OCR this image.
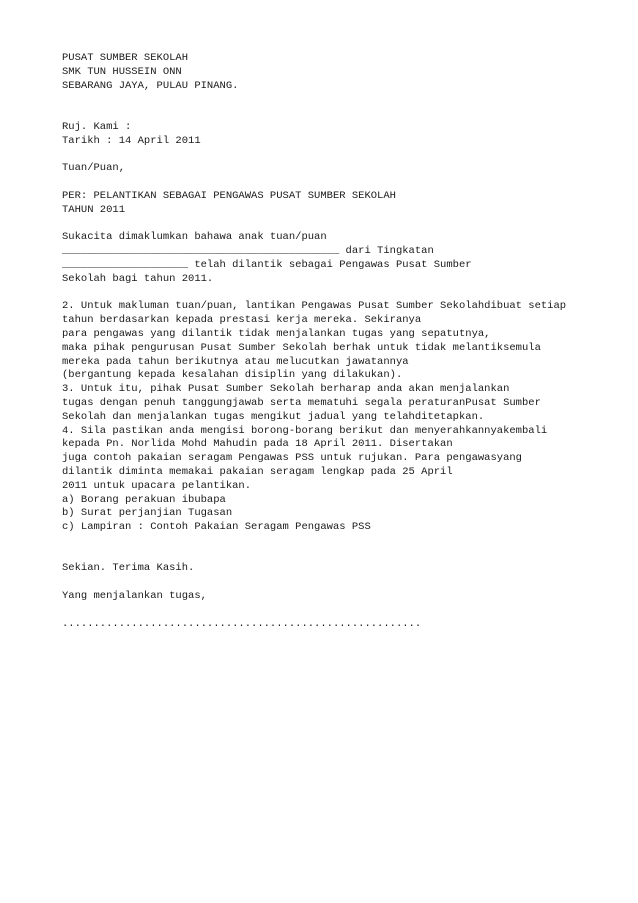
PUSAT SUMBER SEKOLAH
SMK TUN HUSSEIN ONN
SEBARANG JAYA, PULAU PINANG.
Ruj. Kami :
Tarikh : 14 April 2011
Tuan/Puan,
PER: PELANTIKAN SEBAGAI PENGAWAS PUSAT SUMBER SEKOLAH
TAHUN 2011
Sukacita dimaklumkan bahawa anak tuan/puan
____________________________________________ dari Tingkatan
____________________ telah dilantik sebagai Pengawas Pusat Sumber
Sekolah bagi tahun 2011.
2. Untuk makluman tuan/puan, lantikan Pengawas Pusat Sumber Sekolahdibuat setiap
tahun berdasarkan kepada prestasi kerja mereka. Sekiranya
para pengawas yang dilantik tidak menjalankan tugas yang sepatutnya,
maka pihak pengurusan Pusat Sumber Sekolah berhak untuk tidak melantiksemula
mereka pada tahun berikutnya atau melucutkan jawatannya
(bergantung kepada kesalahan disiplin yang dilakukan).
3. Untuk itu, pihak Pusat Sumber Sekolah berharap anda akan menjalankan
tugas dengan penuh tanggungjawab serta mematuhi segala peraturanPusat Sumber
Sekolah dan menjalankan tugas mengikut jadual yang telahditetapkan.
4. Sila pastikan anda mengisi borong-borang berikut dan menyerahkannyakembali
kepada Pn. Norlida Mohd Mahudin pada 18 April 2011. Disertakan
juga contoh pakaian seragam Pengawas PSS untuk rujukan. Para pengawasyang
dilantik diminta memakai pakaian seragam lengkap pada 25 April
2011 untuk upacara pelantikan.
a) Borang perakuan ibubapa
b) Surat perjanjian Tugasan
c) Lampiran : Contoh Pakaian Seragam Pengawas PSS
Sekian. Terima Kasih.
Yang menjalankan tugas,
.........................................................
